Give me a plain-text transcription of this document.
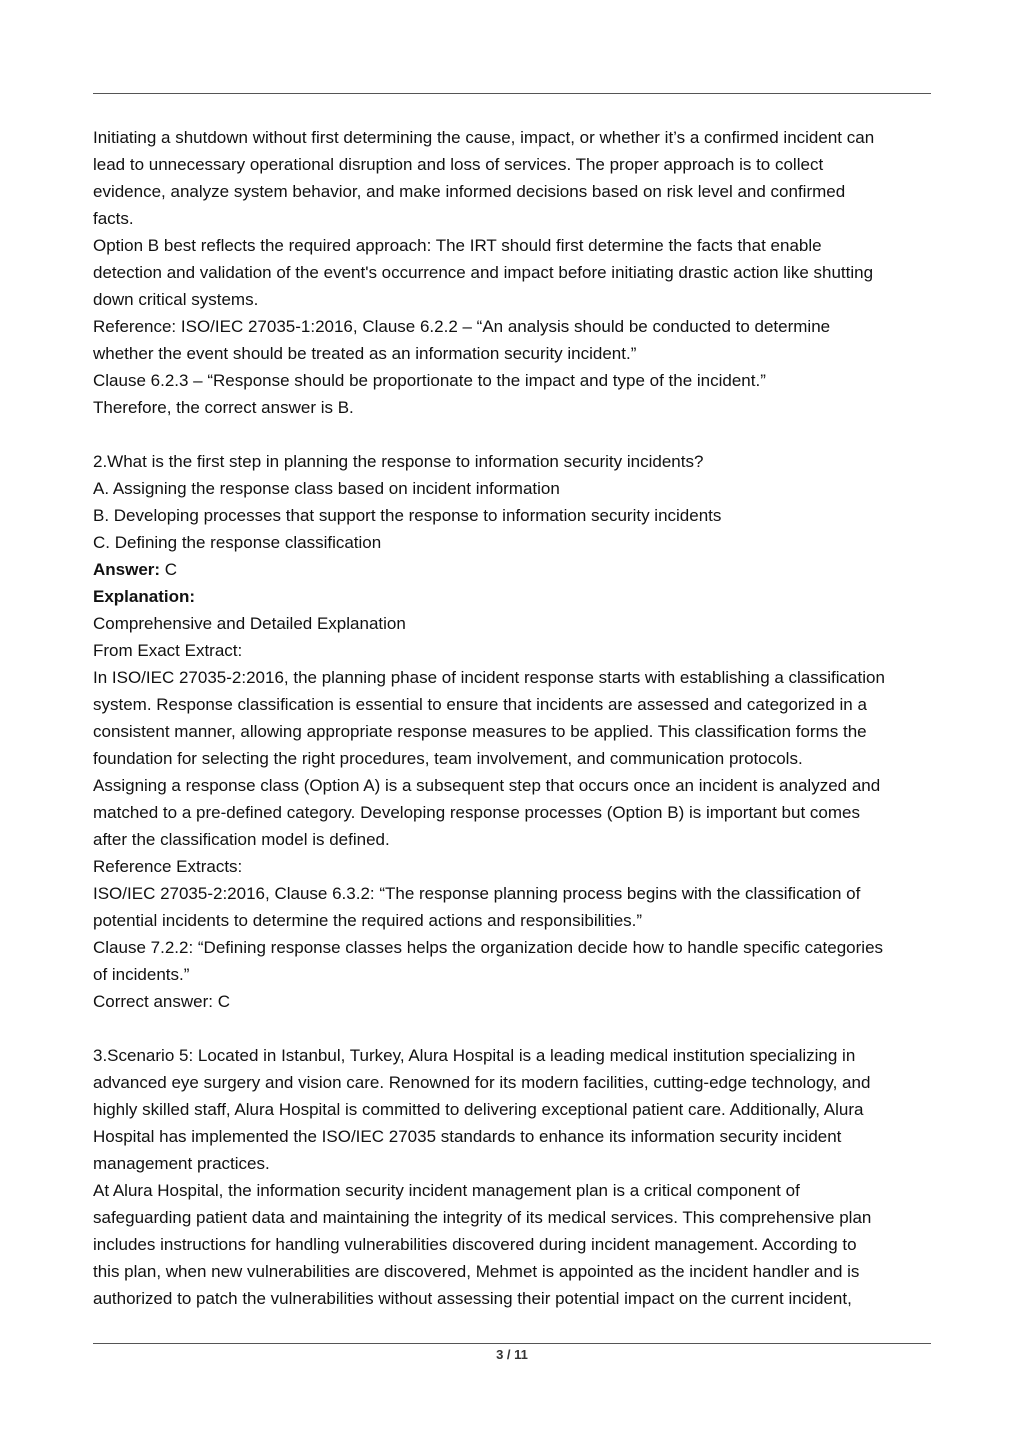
Initiating a shutdown without first determining the cause, impact, or whether it’s a confirmed incident can
lead to unnecessary operational disruption and loss of services. The proper approach is to collect
evidence, analyze system behavior, and make informed decisions based on risk level and confirmed
facts.
Option B best reflects the required approach: The IRT should first determine the facts that enable
detection and validation of the event's occurrence and impact before initiating drastic action like shutting
down critical systems.
Reference: ISO/IEC 27035-1:2016, Clause 6.2.2 – “An analysis should be conducted to determine
whether the event should be treated as an information security incident.”
Clause 6.2.3 – “Response should be proportionate to the impact and type of the incident.”
Therefore, the correct answer is B.
2.What is the first step in planning the response to information security incidents?
A. Assigning the response class based on incident information
B. Developing processes that support the response to information security incidents
C. Defining the response classification
Answer: C
Explanation:
Comprehensive and Detailed Explanation
From Exact Extract:
In ISO/IEC 27035-2:2016, the planning phase of incident response starts with establishing a classification
system. Response classification is essential to ensure that incidents are assessed and categorized in a
consistent manner, allowing appropriate response measures to be applied. This classification forms the
foundation for selecting the right procedures, team involvement, and communication protocols.
Assigning a response class (Option A) is a subsequent step that occurs once an incident is analyzed and
matched to a pre-defined category. Developing response processes (Option B) is important but comes
after the classification model is defined.
Reference Extracts:
ISO/IEC 27035-2:2016, Clause 6.3.2: “The response planning process begins with the classification of
potential incidents to determine the required actions and responsibilities.”
Clause 7.2.2: “Defining response classes helps the organization decide how to handle specific categories
of incidents.”
Correct answer: C
3.Scenario 5: Located in Istanbul, Turkey, Alura Hospital is a leading medical institution specializing in
advanced eye surgery and vision care. Renowned for its modern facilities, cutting-edge technology, and
highly skilled staff, Alura Hospital is committed to delivering exceptional patient care. Additionally, Alura
Hospital has implemented the ISO/IEC 27035 standards to enhance its information security incident
management practices.
At Alura Hospital, the information security incident management plan is a critical component of
safeguarding patient data and maintaining the integrity of its medical services. This comprehensive plan
includes instructions for handling vulnerabilities discovered during incident management. According to
this plan, when new vulnerabilities are discovered, Mehmet is appointed as the incident handler and is
authorized to patch the vulnerabilities without assessing their potential impact on the current incident,
3 / 11
